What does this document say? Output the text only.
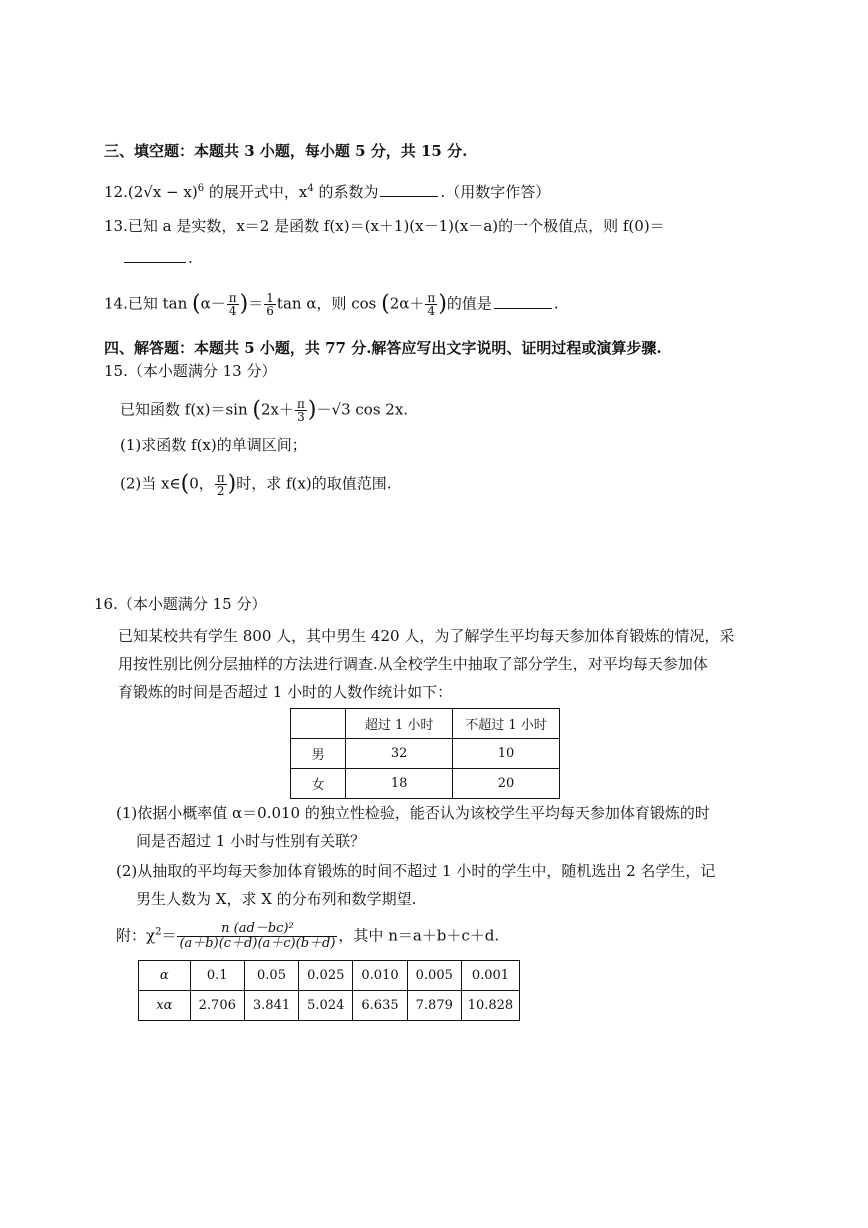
三、填空题：本题共 3 小题，每小题 5 分，共 15 分.
$12.(2√x - x)^6$ 的展开式中，$x^4$ 的系数为	.（用数字作答）
13.已知 a 是实数，x＝2 是函数 f(x)＝(x＋1)(x－1)(x－a)的一个极值点，则 f(0)＝
.
14.已知 $\tan (\alpha- \frac{\pi}{4}$ )＝ $\frac{1}{6}$ tan α，则 $\cos (2\alpha+ \frac{\pi}{4}$ )的值是	.
四、解答题：本题共 5 小题，共 77 分.解答应写出文字说明、证明过程或演算步骤.
15.（本小题满分 13 分）
已知函数 f(x)＝sin $(2x+ \frac{\pi}{3} )-√3$ cos 2x.
(1)求函数 f(x)的单调区间；
(2)当 x∈(0， $\frac{\pi}{2}$ )时，求 f(x)的取值范围.
16.（本小题满分 15 分）
已知某校共有学生 800 人，其中男生 420 人，为了解学生平均每天参加体育锻炼的情况，采
用按性别比例分层抽样的方法进行调查.从全校学生中抽取了部分学生，对平均每天参加体
育锻炼的时间是否超过 1 小时的人数作统计如下：
	超过 1 小时	不超过 1 小时
男	32	10
女	18	20
(1)依据小概率值 α＝0.010 的独立性检验，能否认为该校学生平均每天参加体育锻炼的时
间是否超过 1 小时与性别有关联？
(2)从抽取的平均每天参加体育锻炼的时间不超过 1 小时的学生中，随机选出 2 名学生，记
男生人数为 X，求 X 的分布列和数学期望.
附：$\chi^2= \frac{\text{n (ad－bc)²}}{(a+b)(c+d)(a+c)(b+d)}$ ，其中 n＝a＋b＋c＋d.
α	0.1	0.05	0.025	0.010	0.005	0.001
xα	2.706	3.841	5.024	6.635	7.879	10.828
